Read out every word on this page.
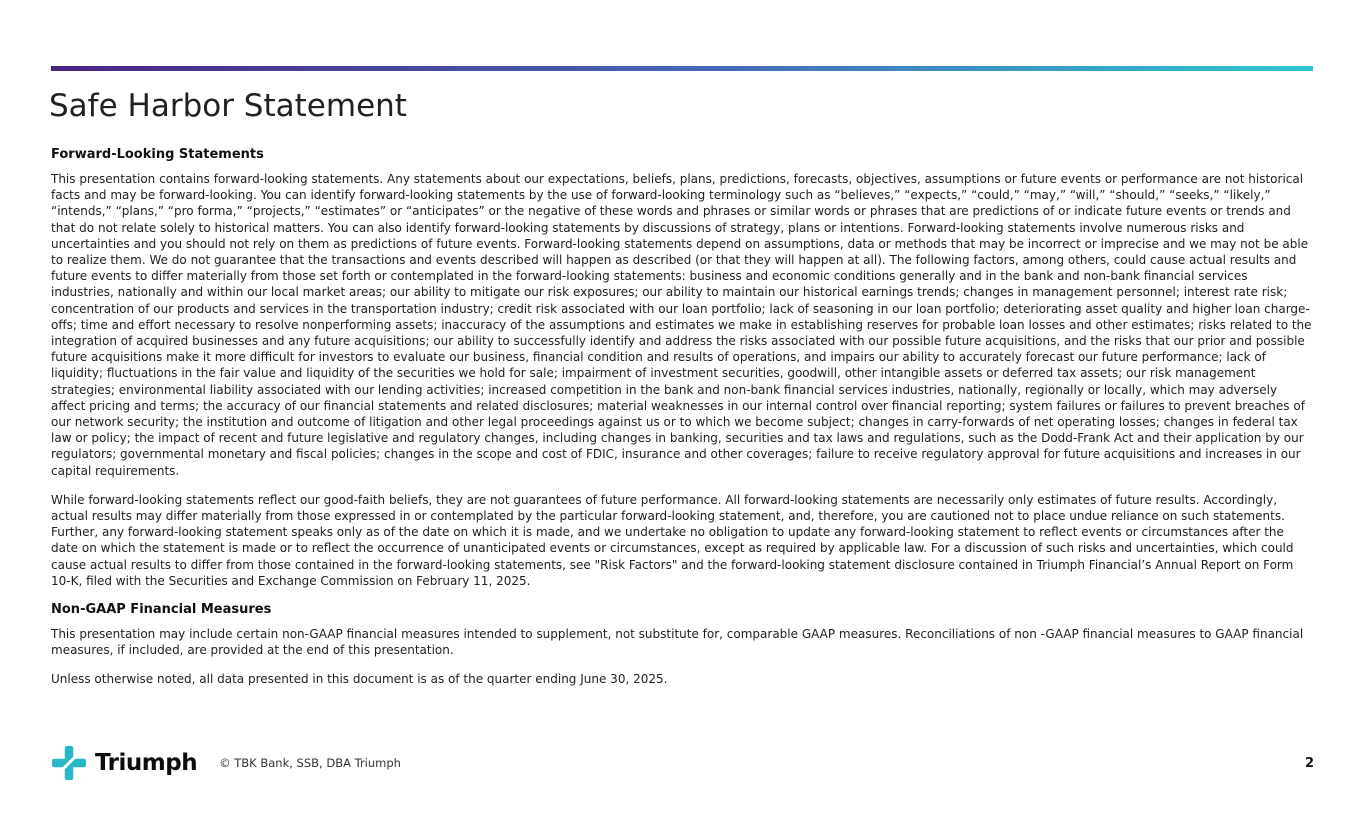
Safe Harbor Statement
Forward-Looking Statements

This presentation contains forward-looking statements. Any statements about our expectations, beliefs, plans, predictions, forecasts, objectives, assumptions or future events or performance are not historical facts and may be forward-looking. You can identify forward-looking statements by the use of forward-looking terminology such as “believes,” “expects,” “could,” “may,” “will,” “should,” “seeks,” “likely,” “intends,” “plans,” “pro forma,” “projects,” “estimates” or “anticipates” or the negative of these words and phrases or similar words or phrases that are predictions of or indicate future events or trends and that do not relate solely to historical matters. You can also identify forward-looking statements by discussions of strategy, plans or intentions. Forward-looking statements involve numerous risks and uncertainties and you should not rely on them as predictions of future events. Forward-looking statements depend on assumptions, data or methods that may be incorrect or imprecise and we may not be able to realize them. We do not guarantee that the transactions and events described will happen as described (or that they will happen at all). The following factors, among others, could cause actual results and future events to differ materially from those set forth or contemplated in the forward-looking statements: business and economic conditions generally and in the bank and non-bank financial services industries, nationally and within our local market areas; our ability to mitigate our risk exposures; our ability to maintain our historical earnings trends; changes in management personnel; interest rate risk; concentration of our products and services in the transportation industry; credit risk associated with our loan portfolio; lack of seasoning in our loan portfolio; deteriorating asset quality and higher loan charge-offs; time and effort necessary to resolve nonperforming assets; inaccuracy of the assumptions and estimates we make in establishing reserves for probable loan losses and other estimates; risks related to the integration of acquired businesses and any future acquisitions; our ability to successfully identify and address the risks associated with our possible future acquisitions, and the risks that our prior and possible future acquisitions make it more difficult for investors to evaluate our business, financial condition and results of operations, and impairs our ability to accurately forecast our future performance; lack of liquidity; fluctuations in the fair value and liquidity of the securities we hold for sale; impairment of investment securities, goodwill, other intangible assets or deferred tax assets; our risk management strategies; environmental liability associated with our lending activities; increased competition in the bank and non-bank financial services industries, nationally, regionally or locally, which may adversely affect pricing and terms; the accuracy of our financial statements and related disclosures; material weaknesses in our internal control over financial reporting; system failures or failures to prevent breaches of our network security; the institution and outcome of litigation and other legal proceedings against us or to which we become subject; changes in carry-forwards of net operating losses; changes in federal tax law or policy; the impact of recent and future legislative and regulatory changes, including changes in banking, securities and tax laws and regulations, such as the Dodd-Frank Act and their application by our regulators; governmental monetary and fiscal policies; changes in the scope and cost of FDIC, insurance and other coverages; failure to receive regulatory approval for future acquisitions and increases in our capital requirements.

While forward-looking statements reflect our good-faith beliefs, they are not guarantees of future performance. All forward-looking statements are necessarily only estimates of future results. Accordingly, actual results may differ materially from those expressed in or contemplated by the particular forward-looking statement, and, therefore, you are cautioned not to place undue reliance on such statements. Further, any forward-looking statement speaks only as of the date on which it is made, and we undertake no obligation to update any forward-looking statement to reflect events or circumstances after the date on which the statement is made or to reflect the occurrence of unanticipated events or circumstances, except as required by applicable law. For a discussion of such risks and uncertainties, which could cause actual results to differ from those contained in the forward-looking statements, see "Risk Factors" and the forward-looking statement disclosure contained in Triumph Financial’s Annual Report on Form 10-K, filed with the Securities and Exchange Commission on February 11, 2025.

Non-GAAP Financial Measures

This presentation may include certain non-GAAP financial measures intended to supplement, not substitute for, comparable GAAP measures. Reconciliations of non -GAAP financial measures to GAAP financial measures, if included, are provided at the end of this presentation.

Unless otherwise noted, all data presented in this document is as of the quarter ending June 30, 2025.

Triumph © TBK Bank, SSB, DBA Triumph	2
